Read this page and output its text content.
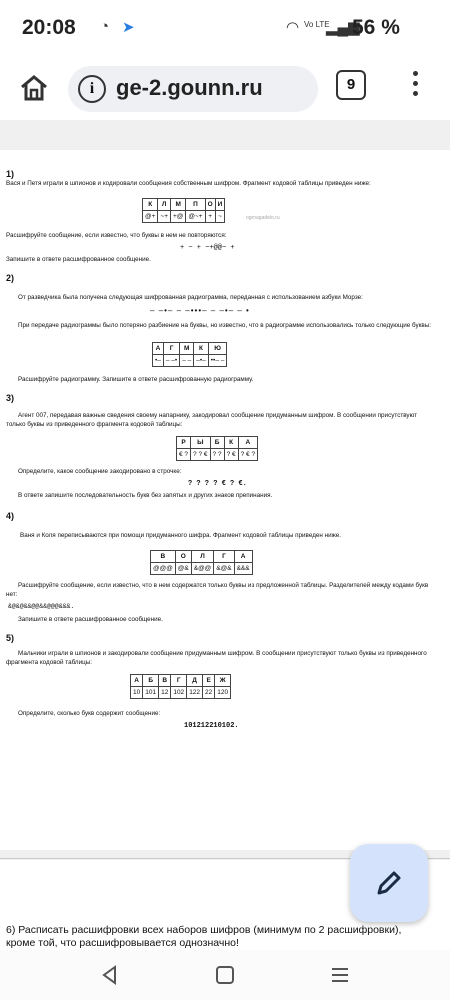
20:08 ◔ ➤	◠ Vo LTE
▂▄▆
56 %
i ge-2.gounn.ru	9
1)
Вася и Петя играли в шпионов и кодировали сообщения собственным шифром. Фрагмент кодовой таблицы приведен ниже:
К	Л	М	П	О	И
@+	~+	+@	@~+	+	~	ogrnagadelo.ru
Расшифруйте сообщение, если известно, что буквы в нем не повторяются:
+ ~ + ~+@@~ +
Запишите в ответе расшифрованное сообщение.
2)
От разведчика была получена следующая шифрованная радиограмма, переданная с использованием азбуки Морзе:
– –•– – –•••– – –•– – •
При передаче радиограммы было потеряно разбиение на буквы, но известно, что в радиограмме использовались только следующие буквы:
А	Г	М	К	Ю
•–	– –•	– –	–•–	••– –
Расшифруйте радиограмму. Запишите в ответе расшифрованную радиограмму.
3)
Агент 007, передавая важные сведения своему напарнику, закодировал сообщение придуманным шифром. В сообщении присутствуют только буквы из приведенного фрагмента кодовой таблицы:
Р	Ы	Б	К	А
€ ?	? ? €	? ?	? €	? € ?
Определите, какое сообщение закодировано в строчке:
? ? ? ? € ? €.
В ответе запишите последовательность букв без запятых и других знаков препинания.
4)
Ваня и Коля переписываются при помощи придуманного шифра. Фрагмент кодовой таблицы приведен ниже.
В	О	Л	Г	А
@@@	@&	&@@	&@&	&&&
Расшифруйте сообщение, если известно, что в нем содержатся только буквы из предложенной таблицы. Разделителей между кодами букв нет:
&@&@&&@@&&@@@&&&.
Запишите в ответе расшифрованное сообщение.
5)
Мальчики играли в шпионов и закодировали сообщение придуманным шифром. В сообщении присутствуют только буквы из приведенного фрагмента кодовой таблицы:
А	Б	В	Г	Д	Е	Ж
10	101	12	102	122	22	120
Определите, сколько букв содержит сообщение:
101212210102.
6) Расписать расшифровки всех наборов шифров (минимум по 2 расшифровки), кроме той, что расшифровывается однозначно!
